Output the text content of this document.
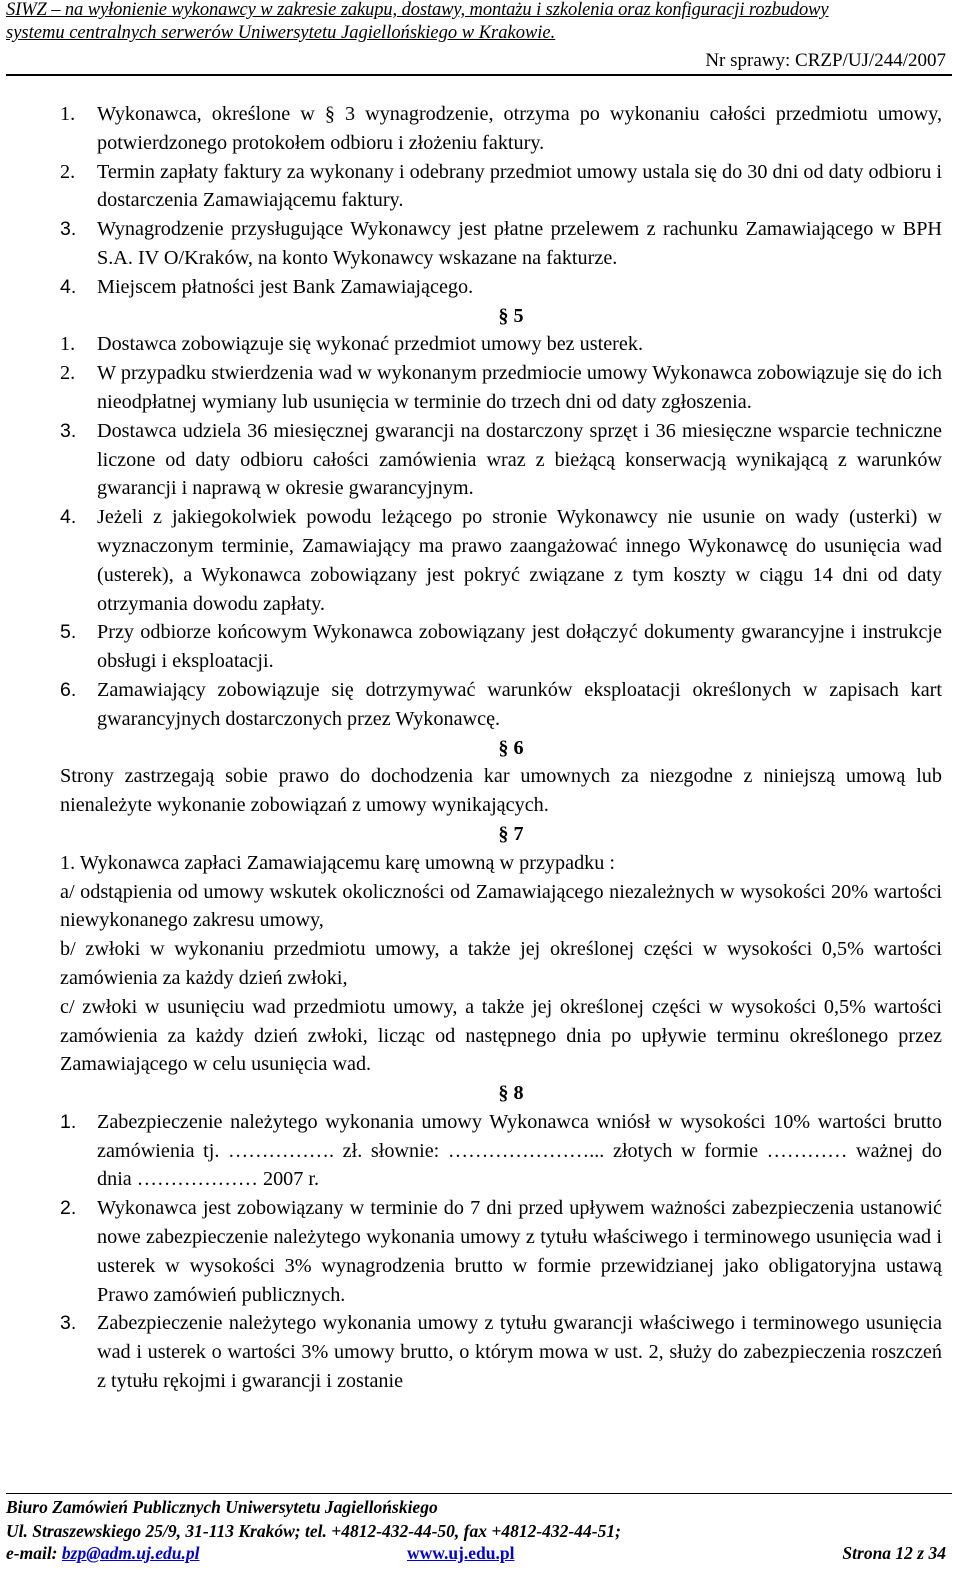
SIWZ – na wyłonienie wykonawcy w zakresie zakupu, dostawy, montażu i szkolenia oraz konfiguracji rozbudowy
systemu centralnych serwerów Uniwersytetu Jagiellońskiego w Krakowie.
Nr sprawy: CRZP/UJ/244/2007
1.	Wykonawca, określone w § 3 wynagrodzenie, otrzyma po wykonaniu całości przedmiotu umowy, potwierdzonego protokołem odbioru i złożeniu faktury.
2.	Termin zapłaty faktury za wykonany i odebrany przedmiot umowy ustala się do 30 dni od daty odbioru i dostarczenia Zamawiającemu faktury.
3.	Wynagrodzenie przysługujące Wykonawcy jest płatne przelewem z rachunku Zamawiającego w BPH S.A. IV O/Kraków, na konto Wykonawcy wskazane na fakturze.
4.	Miejscem płatności jest Bank Zamawiającego.
§ 5
1.	Dostawca zobowiązuje się wykonać przedmiot umowy bez usterek.
2.	W przypadku stwierdzenia wad w wykonanym przedmiocie umowy Wykonawca zobowiązuje się do ich nieodpłatnej wymiany lub usunięcia w terminie do trzech dni od daty zgłoszenia.
3.	Dostawca udziela 36 miesięcznej gwarancji na dostarczony sprzęt i 36 miesięczne wsparcie techniczne liczone od daty odbioru całości zamówienia wraz z bieżącą konserwacją wynikającą z warunków gwarancji i naprawą w okresie gwarancyjnym.
4.	Jeżeli z jakiegokolwiek powodu leżącego po stronie Wykonawcy nie usunie on wady (usterki) w wyznaczonym terminie, Zamawiający ma prawo zaangażować innego Wykonawcę do usunięcia wad (usterek), a Wykonawca zobowiązany jest pokryć związane z tym koszty w ciągu 14 dni od daty otrzymania dowodu zapłaty.
5.	Przy odbiorze końcowym Wykonawca zobowiązany jest dołączyć dokumenty gwarancyjne i instrukcje obsługi i eksploatacji.
6.	Zamawiający zobowiązuje się dotrzymywać warunków eksploatacji określonych w zapisach kart gwarancyjnych dostarczonych przez Wykonawcę.
§ 6
Strony zastrzegają sobie prawo do dochodzenia kar umownych za niezgodne z niniejszą umową lub nienależyte wykonanie zobowiązań z umowy wynikających.
§ 7
1. Wykonawca zapłaci Zamawiającemu karę umowną w przypadku :
a/ odstąpienia od umowy wskutek okoliczności od Zamawiającego niezależnych w wysokości 20% wartości niewykonanego zakresu umowy,
b/ zwłoki w wykonaniu przedmiotu umowy, a także jej określonej części w wysokości 0,5% wartości zamówienia za każdy dzień zwłoki,
c/ zwłoki w usunięciu wad przedmiotu umowy, a także jej określonej części w wysokości 0,5% wartości zamówienia za każdy dzień zwłoki, licząc od następnego dnia po upływie terminu określonego przez Zamawiającego w celu usunięcia wad.
§ 8
1.	Zabezpieczenie należytego wykonania umowy Wykonawca wniósł w wysokości 10% wartości brutto zamówienia tj. ……………. zł. słownie: …………………... złotych w formie ………… ważnej do dnia ……………… 2007 r.
2.	Wykonawca jest zobowiązany w terminie do 7 dni przed upływem ważności zabezpieczenia ustanowić nowe zabezpieczenie należytego wykonania umowy z tytułu właściwego i terminowego usunięcia wad i usterek w wysokości 3% wynagrodzenia brutto w formie przewidzianej jako obligatoryjna ustawą Prawo zamówień publicznych.
3.	Zabezpieczenie należytego wykonania umowy z tytułu gwarancji właściwego i terminowego usunięcia wad i usterek o wartości 3% umowy brutto, o którym mowa w ust. 2, służy do zabezpieczenia roszczeń z tytułu rękojmi i gwarancji i zostanie
Biuro Zamówień Publicznych Uniwersytetu Jagiellońskiego
Ul. Straszewskiego 25/9, 31-113 Kraków; tel. +4812-432-44-50, fax +4812-432-44-51;
e-mail: bzp@adm.uj.edu.pl	www.uj.edu.pl	Strona 12 z 34
